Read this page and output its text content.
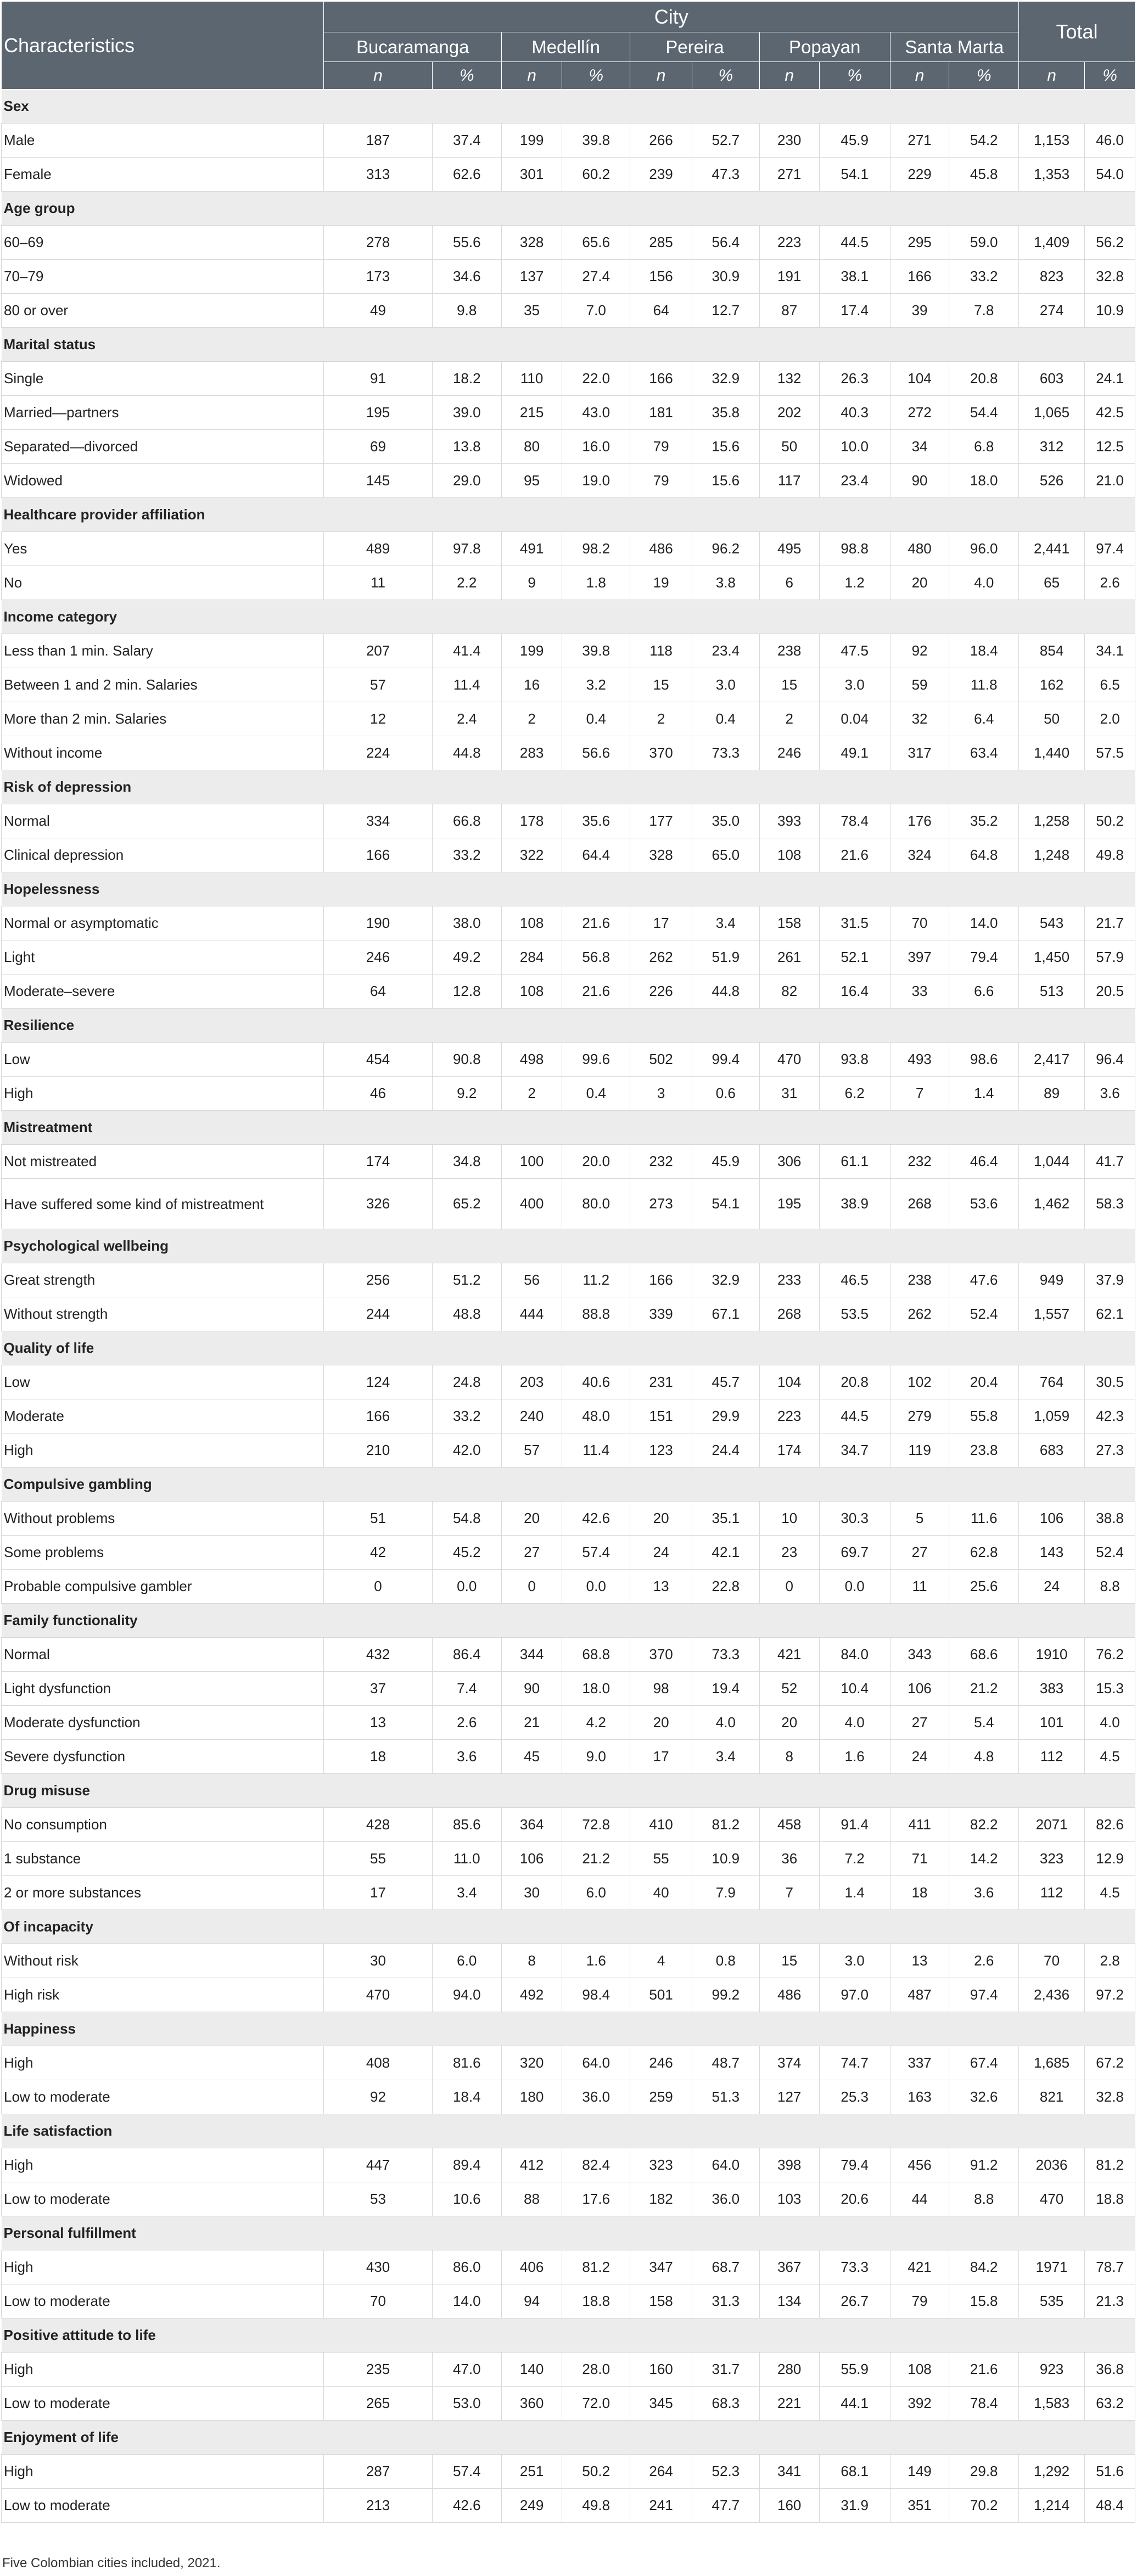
Characteristics	City										Total	
	Bucaramanga		Medellín		Pereira		Popayan		Santa Marta			
	n	%	n	%	n	%	n	%	n	%	n	%
Sex												
Male	187	37.4	199	39.8	266	52.7	230	45.9	271	54.2	1,153	46.0
Female	313	62.6	301	60.2	239	47.3	271	54.1	229	45.8	1,353	54.0
Age group												
60–69	278	55.6	328	65.6	285	56.4	223	44.5	295	59.0	1,409	56.2
70–79	173	34.6	137	27.4	156	30.9	191	38.1	166	33.2	823	32.8
80 or over	49	9.8	35	7.0	64	12.7	87	17.4	39	7.8	274	10.9
Marital status												
Single	91	18.2	110	22.0	166	32.9	132	26.3	104	20.8	603	24.1
Married—partners	195	39.0	215	43.0	181	35.8	202	40.3	272	54.4	1,065	42.5
Separated—divorced	69	13.8	80	16.0	79	15.6	50	10.0	34	6.8	312	12.5
Widowed	145	29.0	95	19.0	79	15.6	117	23.4	90	18.0	526	21.0
Healthcare provider affiliation												
Yes	489	97.8	491	98.2	486	96.2	495	98.8	480	96.0	2,441	97.4
No	11	2.2	9	1.8	19	3.8	6	1.2	20	4.0	65	2.6
Income category												
Less than 1 min. Salary	207	41.4	199	39.8	118	23.4	238	47.5	92	18.4	854	34.1
Between 1 and 2 min. Salaries	57	11.4	16	3.2	15	3.0	15	3.0	59	11.8	162	6.5
More than 2 min. Salaries	12	2.4	2	0.4	2	0.4	2	0.04	32	6.4	50	2.0
Without income	224	44.8	283	56.6	370	73.3	246	49.1	317	63.4	1,440	57.5
Risk of depression												
Normal	334	66.8	178	35.6	177	35.0	393	78.4	176	35.2	1,258	50.2
Clinical depression	166	33.2	322	64.4	328	65.0	108	21.6	324	64.8	1,248	49.8
Hopelessness												
Normal or asymptomatic	190	38.0	108	21.6	17	3.4	158	31.5	70	14.0	543	21.7
Light	246	49.2	284	56.8	262	51.9	261	52.1	397	79.4	1,450	57.9
Moderate–severe	64	12.8	108	21.6	226	44.8	82	16.4	33	6.6	513	20.5
Resilience												
Low	454	90.8	498	99.6	502	99.4	470	93.8	493	98.6	2,417	96.4
High	46	9.2	2	0.4	3	0.6	31	6.2	7	1.4	89	3.6
Mistreatment												
Not mistreated	174	34.8	100	20.0	232	45.9	306	61.1	232	46.4	1,044	41.7
Have suffered some kind of mistreatment	326	65.2	400	80.0	273	54.1	195	38.9	268	53.6	1,462	58.3
Psychological wellbeing												
Great strength	256	51.2	56	11.2	166	32.9	233	46.5	238	47.6	949	37.9
Without strength	244	48.8	444	88.8	339	67.1	268	53.5	262	52.4	1,557	62.1
Quality of life												
Low	124	24.8	203	40.6	231	45.7	104	20.8	102	20.4	764	30.5
Moderate	166	33.2	240	48.0	151	29.9	223	44.5	279	55.8	1,059	42.3
High	210	42.0	57	11.4	123	24.4	174	34.7	119	23.8	683	27.3
Compulsive gambling												
Without problems	51	54.8	20	42.6	20	35.1	10	30.3	5	11.6	106	38.8
Some problems	42	45.2	27	57.4	24	42.1	23	69.7	27	62.8	143	52.4
Probable compulsive gambler	0	0.0	0	0.0	13	22.8	0	0.0	11	25.6	24	8.8
Family functionality												
Normal	432	86.4	344	68.8	370	73.3	421	84.0	343	68.6	1910	76.2
Light dysfunction	37	7.4	90	18.0	98	19.4	52	10.4	106	21.2	383	15.3
Moderate dysfunction	13	2.6	21	4.2	20	4.0	20	4.0	27	5.4	101	4.0
Severe dysfunction	18	3.6	45	9.0	17	3.4	8	1.6	24	4.8	112	4.5
Drug misuse												
No consumption	428	85.6	364	72.8	410	81.2	458	91.4	411	82.2	2071	82.6
1 substance	55	11.0	106	21.2	55	10.9	36	7.2	71	14.2	323	12.9
2 or more substances	17	3.4	30	6.0	40	7.9	7	1.4	18	3.6	112	4.5
Of incapacity												
Without risk	30	6.0	8	1.6	4	0.8	15	3.0	13	2.6	70	2.8
High risk	470	94.0	492	98.4	501	99.2	486	97.0	487	97.4	2,436	97.2
Happiness												
High	408	81.6	320	64.0	246	48.7	374	74.7	337	67.4	1,685	67.2
Low to moderate	92	18.4	180	36.0	259	51.3	127	25.3	163	32.6	821	32.8
Life satisfaction												
High	447	89.4	412	82.4	323	64.0	398	79.4	456	91.2	2036	81.2
Low to moderate	53	10.6	88	17.6	182	36.0	103	20.6	44	8.8	470	18.8
Personal fulfillment												
High	430	86.0	406	81.2	347	68.7	367	73.3	421	84.2	1971	78.7
Low to moderate	70	14.0	94	18.8	158	31.3	134	26.7	79	15.8	535	21.3
Positive attitude to life												
High	235	47.0	140	28.0	160	31.7	280	55.9	108	21.6	923	36.8
Low to moderate	265	53.0	360	72.0	345	68.3	221	44.1	392	78.4	1,583	63.2
Enjoyment of life												
High	287	57.4	251	50.2	264	52.3	341	68.1	149	29.8	1,292	51.6
Low to moderate	213	42.6	249	49.8	241	47.7	160	31.9	351	70.2	1,214	48.4
Five Colombian cities included, 2021.
